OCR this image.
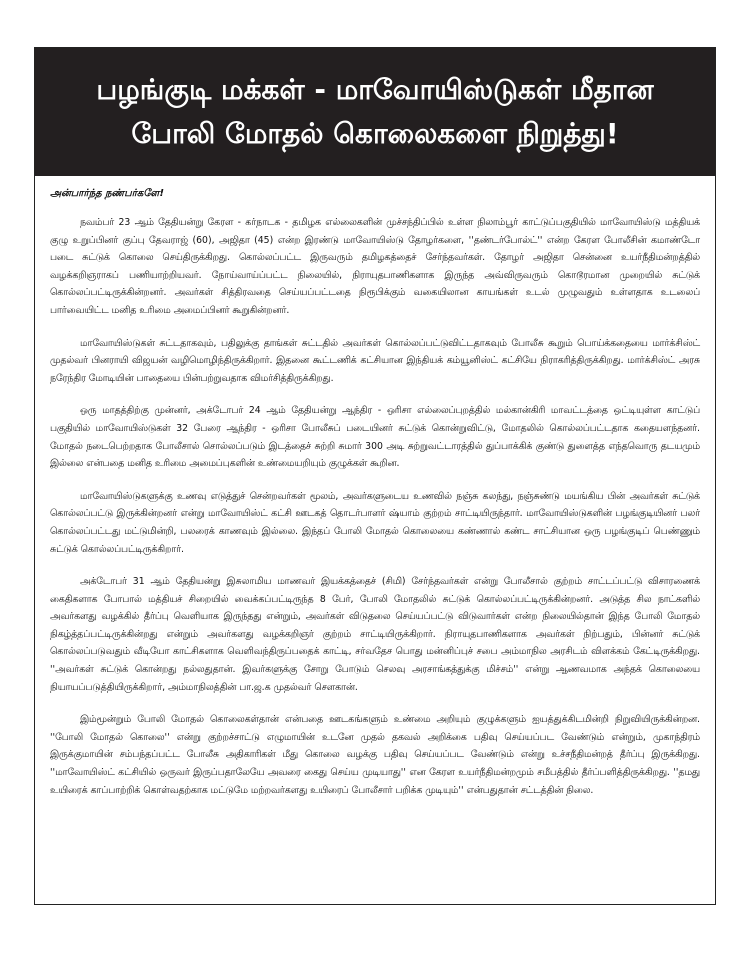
பழங்குடி மக்கள் - மாவோயிஸ்டுகள் மீதான
போலி மோதல் கொலைகளை நிறுத்து!
அன்பார்ந்த நண்பர்களே!

நவம்பர் 23 ஆம் தேதியன்று கேரள - கர்நாடக - தமிழக எல்லைகளின் முச்சந்திப்பில் உள்ள நிலாம்பூர் காட்டுப்பகுதியில் மாவோயிஸ்டு மத்தியக் குழு உறுப்பினர் குப்பு தேவராஜ் (60), அஜிதா (45) என்ற இரண்டு மாவோயிஸ்டு தோழர்களை, ''தண்டர்போல்ட்'' என்ற கேரள போலீசின் கமாண்டோ படை சுட்டுக் கொலை செய்திருக்கிறது. கொல்லப்பட்ட இருவரும் தமிழகத்தைச் சேர்ந்தவர்கள். தோழர் அஜிதா சென்னை உயர்நீதிமன்றத்தில் வழக்கறிஞராகப் பணியாற்றியவர். நோய்வாய்ப்பட்ட நிலையில், நிராயுதபாணிகளாக இருந்த அவ்விருவரும் கொடூரமான முறையில் சுட்டுக் கொல்லப்பட்டிருக்கின்றனர். அவர்கள் சித்திரவதை செய்யப்பட்டதை நிரூபிக்கும் வகையிலான காயங்கள் உடல் முழுவதும் உள்ளதாக உடலைப் பார்வையிட்ட மனித உரிமை அமைப்பினர் கூறுகின்றனர்.

மாவோயிஸ்டுகள் சுட்டதாகவும், பதிலுக்கு தாங்கள் சுட்டதில் அவர்கள் கொல்லப்பட்டுவிட்டதாகவும் போலீசு கூறும் பொய்க்கதையை மார்க்சிஸ்ட் முதல்வர் பினராயி விஜயன் வழிமொழிந்திருக்கிறார். இதனை கூட்டணிக் கட்சியான இந்தியக் கம்யூனிஸ்ட் கட்சியே நிராகரித்திருக்கிறது. மார்க்சிஸ்ட் அரசு நரேந்திர மோடியின் பாதையை பின்பற்றுவதாக விமர்சித்திருக்கிறது.

ஒரு மாதத்திற்கு முன்னர், அக்டோபர் 24 ஆம் தேதியன்று ஆந்திர - ஒரிசா எல்லைப்புறத்தில் மல்கான்கிரி மாவட்டத்தை ஒட்டியுள்ள காட்டுப் பகுதியில் மாவோயிஸ்டுகள் 32 பேரை ஆந்திர - ஒரிசா போலீசுப் படையினர் சுட்டுக் கொன்றுவிட்டு, மோதலில் கொல்லப்பட்டதாக கதையளந்தனர். மோதல் நடைபெற்றதாக போலீசால் சொல்லப்படும் இடத்தைச் சுற்றி சுமார் 300 அடி சுற்றுவட்டாரத்தில் துப்பாக்கிக் குண்டு துளைத்த எந்தவொரு தடயமும் இல்லை என்பதை மனித உரிமை அமைப்புகளின் உண்மையறியும் குழுக்கள் கூறின.

மாவோயிஸ்டுகளுக்கு உணவு எடுத்துச் சென்றவர்கள் மூலம், அவர்களுடைய உணவில் நஞ்சு கலந்து, நஞ்சுண்டு மயங்கிய பின் அவர்கள் சுட்டுக் கொல்லப்பட்டு இருக்கின்றனர் என்று மாவோயிஸ்ட் கட்சி ஊடகத் தொடர்பாளர் ஷ்யாம் குற்றம் சாட்டியிருந்தார். மாவோயிஸ்டுகளின் பழங்குடியினர் பலர் கொல்லப்பட்டது மட்டுமின்றி, பலரைக் காணவும் இல்லை. இந்தப் போலி மோதல் கொலையை கண்ணால் கண்ட சாட்சியான ஒரு பழங்குடிப் பெண்ணும் சுட்டுக் கொல்லப்பட்டிருக்கிறார்.

அக்டோபர் 31 ஆம் தேதியன்று இசுலாமிய மாணவர் இயக்கத்தைச் (சிமி) சேர்ந்தவர்கள் என்று போலீசால் குற்றம் சாட்டப்பட்டு விசாரணைக் கைதிகளாக போபால் மத்தியச் சிறையில் வைக்கப்பட்டிருந்த 8 பேர், போலி மோதலில் சுட்டுக் கொல்லப்பட்டிருக்கின்றனர். அடுத்த சில நாட்களில் அவர்களது வழக்கில் தீர்ப்பு வெளியாக இருந்தது என்றும், அவர்கள் விடுதலை செய்யப்பட்டு விடுவார்கள் என்ற நிலையில்தான் இந்த போலி மோதல் நிகழ்த்தப்பட்டிருக்கின்றது என்றும் அவர்களது வழக்கறிஞர் குற்றம் சாட்டியிருக்கிறார். நிராயுதபாணிகளாக அவர்கள் நிற்பதும், பின்னர் சுட்டுக் கொல்லப்படுவதும் வீடியோ காட்சிகளாக வெளிவந்திருப்பதைக் காட்டி, சர்வதேச பொது மன்னிப்புச் சபை அம்மாநில அரசிடம் விளக்கம் கேட்டிருக்கிறது. ''அவர்கள் சுட்டுக் கொன்றது நல்லதுதான். இவர்களுக்கு சோறு போடும் செலவு அரசாங்கத்துக்கு மிச்சம்'' என்று ஆணவமாக அந்தக் கொலையை நியாயப்படுத்தியிருக்கிறார், அம்மாநிலத்தின் பா.ஜ.க முதல்வர் சௌகான்.

இம்மூன்றும் போலி மோதல் கொலைகள்தான் என்பதை ஊடகங்களும் உண்மை அறியும் குழுக்களும் ஐயத்துக்கிடமின்றி நிறுவியிருக்கின்றன. ''போலி மோதல் கொலை'' என்று குற்றச்சாட்டு எழுமாயின் உடனே முதல் தகவல் அறிக்கை பதிவு செய்யப்பட வேண்டும் என்றும், முகாந்திரம் இருக்குமாயின் சம்பந்தப்பட்ட போலீசு அதிகாரிகள் மீது கொலை வழக்கு பதிவு செய்யப்பட வேண்டும் என்று உச்சநீதிமன்றத் தீர்ப்பு இருக்கிறது. ''மாவோயிஸ்ட் கட்சியில் ஒருவர் இருப்பதாலேயே அவரை கைது செய்ய முடியாது'' என கேரள உயர்நீதிமன்றமும் சமீபத்தில் தீர்ப்பளித்திருக்கிறது. ''தமது உயிரைக் காப்பாற்றிக் கொள்வதற்காக மட்டுமே மற்றவர்களது உயிரைப் போலீசார் பறிக்க முடியும்'' என்பதுதான் சட்டத்தின் நிலை.
